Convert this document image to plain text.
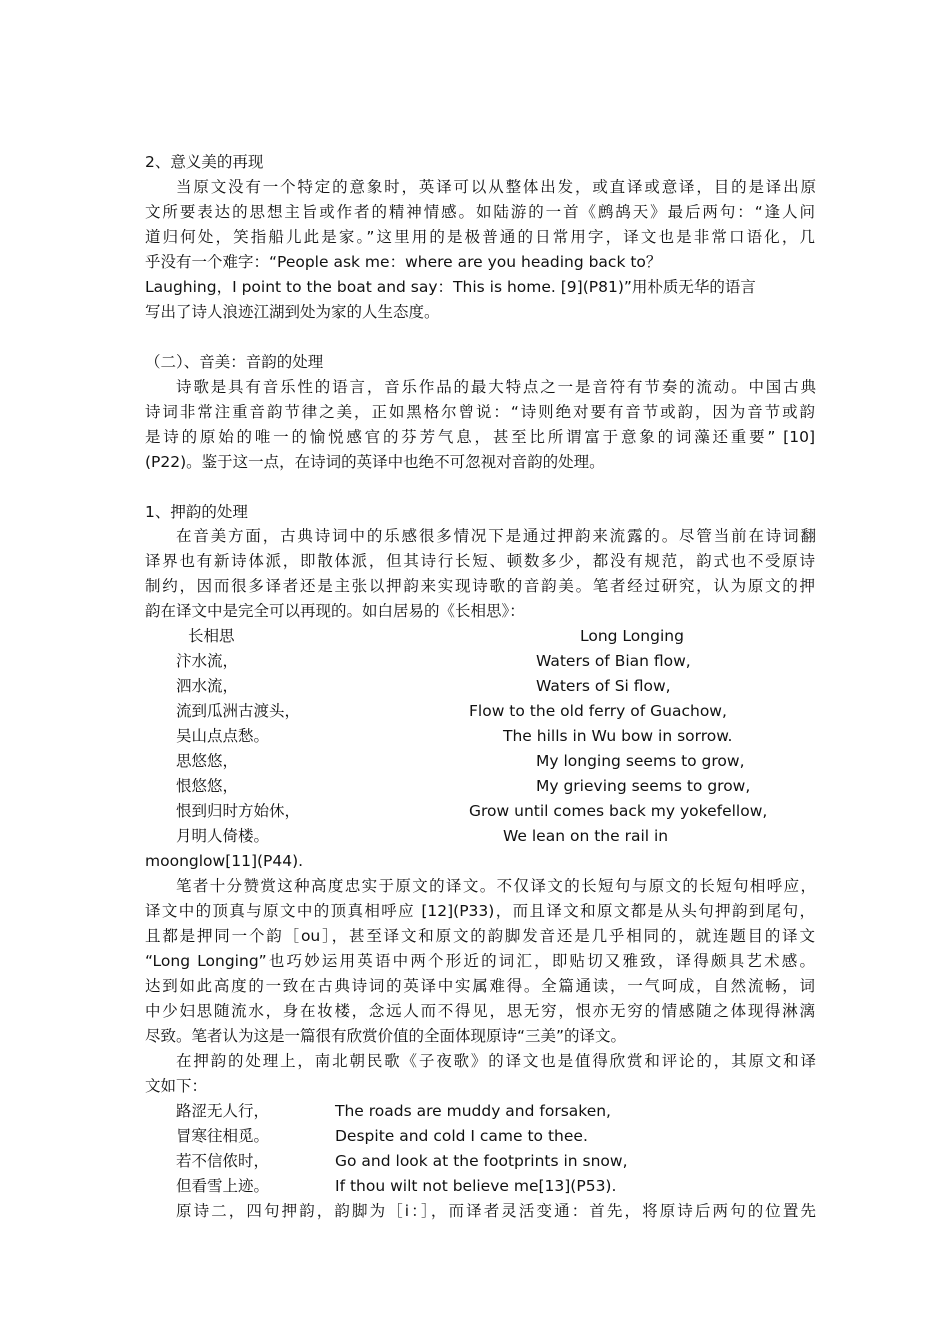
2、意义美的再现
当原文没有一个特定的意象时，英译可以从整体出发，或直译或意译，目的是译出原
文所要表达的思想主旨或作者的精神情感。如陆游的一首《鹧鸪天》最后两句：“逢人问
道归何处，笑指船儿此是家。”这里用的是极普通的日常用字，译文也是非常口语化，几
乎没有一个难字：“People ask me：where are you heading back to？
Laughing，I point to the boat and say：This is home. [9](P81)”用朴质无华的语言
写出了诗人浪迹江湖到处为家的人生态度。
（二）、音美：音韵的处理
诗歌是具有音乐性的语言，音乐作品的最大特点之一是音符有节奏的流动。中国古典
诗词非常注重音韵节律之美，正如黑格尔曾说：“诗则绝对要有音节或韵，因为音节或韵
是诗的原始的唯一的愉悦感官的芬芳气息，甚至比所谓富于意象的词藻还重要” [10]
(P22)。鉴于这一点，在诗词的英译中也绝不可忽视对音韵的处理。
1、押韵的处理
在音美方面，古典诗词中的乐感很多情况下是通过押韵来流露的。尽管当前在诗词翻
译界也有新诗体派，即散体派，但其诗行长短、顿数多少，都没有规范，韵式也不受原诗
制约，因而很多译者还是主张以押韵来实现诗歌的音韵美。笔者经过研究，认为原文的押
韵在译文中是完全可以再现的。如白居易的《长相思》：
长相思	Long Longing
汴水流，	Waters of Bian flow,
泗水流，	Waters of Si flow,
流到瓜洲古渡头，	Flow to the old ferry of Guachow,
吴山点点愁。	The hills in Wu bow in sorrow.
思悠悠，	My longing seems to grow,
恨悠悠，	My grieving seems to grow,
恨到归时方始休，	Grow until comes back my yokefellow,
月明人倚楼。	We lean on the rail in
moonglow[11](P44).
笔者十分赞赏这种高度忠实于原文的译文。不仅译文的长短句与原文的长短句相呼应，
译文中的顶真与原文中的顶真相呼应 [12](P33)，而且译文和原文都是从头句押韵到尾句，
且都是押同一个韵［ou］，甚至译文和原文的韵脚发音还是几乎相同的，就连题目的译文
“Long Longing”也巧妙运用英语中两个形近的词汇，即贴切又雅致，译得颇具艺术感。
达到如此高度的一致在古典诗词的英译中实属难得。全篇通读，一气呵成，自然流畅，词
中少妇思随流水，身在妆楼，念远人而不得见，思无穷，恨亦无穷的情感随之体现得淋漓
尽致。笔者认为这是一篇很有欣赏价值的全面体现原诗“三美”的译文。
在押韵的处理上，南北朝民歌《子夜歌》的译文也是值得欣赏和评论的，其原文和译
文如下：
路涩无人行，	The roads are muddy and forsaken,
冒寒往相觅。	Despite and cold I came to thee.
若不信侬时，	Go and look at the footprints in snow,
但看雪上迹。	If thou wilt not believe me[13](P53).
原诗二，四句押韵，韵脚为［i：］，而译者灵活变通：首先，将原诗后两句的位置先
